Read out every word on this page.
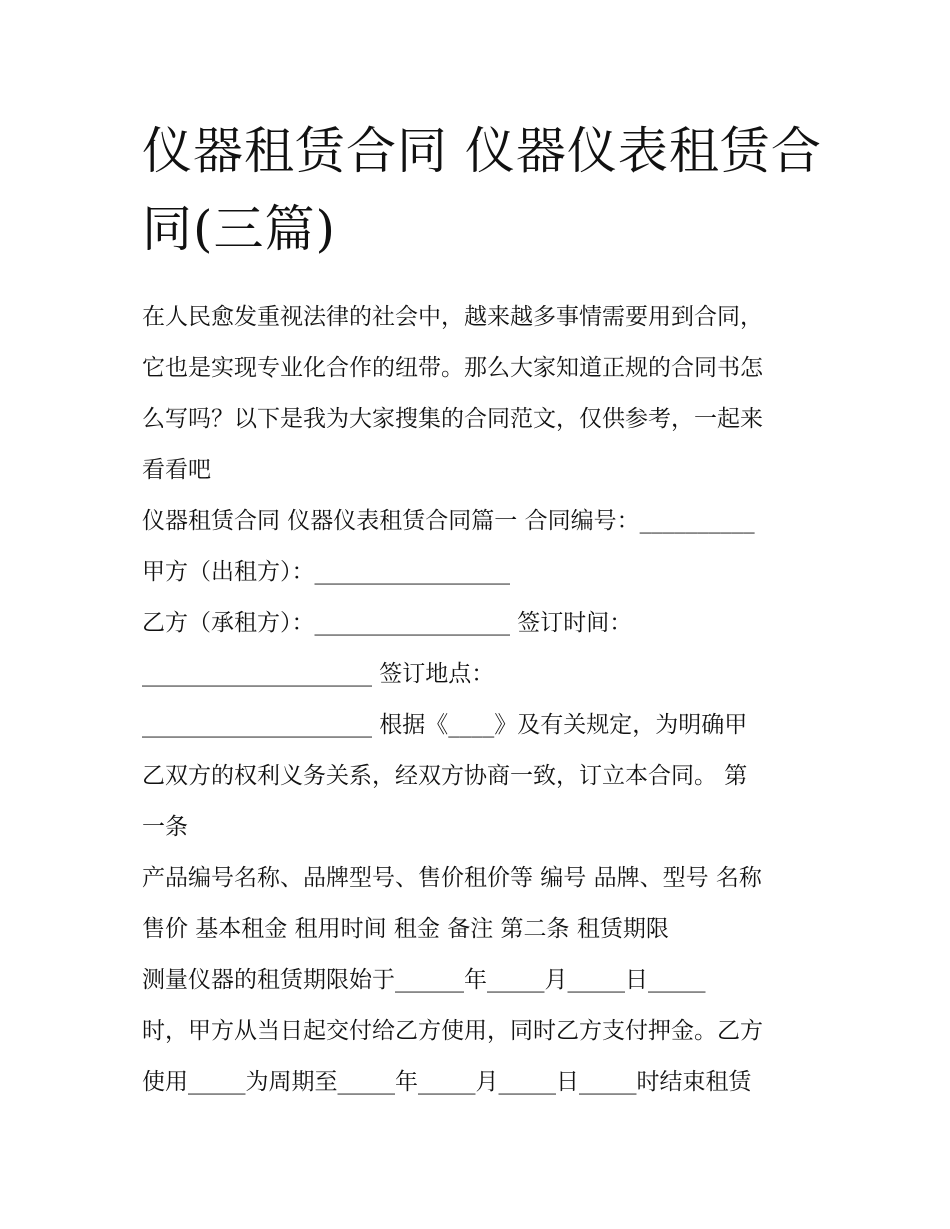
仪器租赁合同 仪器仪表租赁合
同(三篇)

在人民愈发重视法律的社会中，越来越多事情需要用到合同，

它也是实现专业化合作的纽带。那么大家知道正规的合同书怎

么写吗？以下是我为大家搜集的合同范文，仅供参考，一起来

看看吧

仪器租赁合同 仪器仪表租赁合同篇一 合同编号：__________

甲方（出租方）：_________________

乙方（承租方）：_________________ 签订时间：

____________________ 签订地点：

____________________ 根据《____》及有关规定，为明确甲

乙双方的权利义务关系，经双方协商一致，订立本合同。 第

一条

产品编号名称、品牌型号、售价租价等 编号 品牌、型号 名称

售价 基本租金 租用时间 租金 备注 第二条 租赁期限

测量仪器的租赁期限始于______年_____月_____日_____

时，甲方从当日起交付给乙方使用，同时乙方支付押金。乙方

使用_____为周期至_____年_____月_____日_____时结束租赁
